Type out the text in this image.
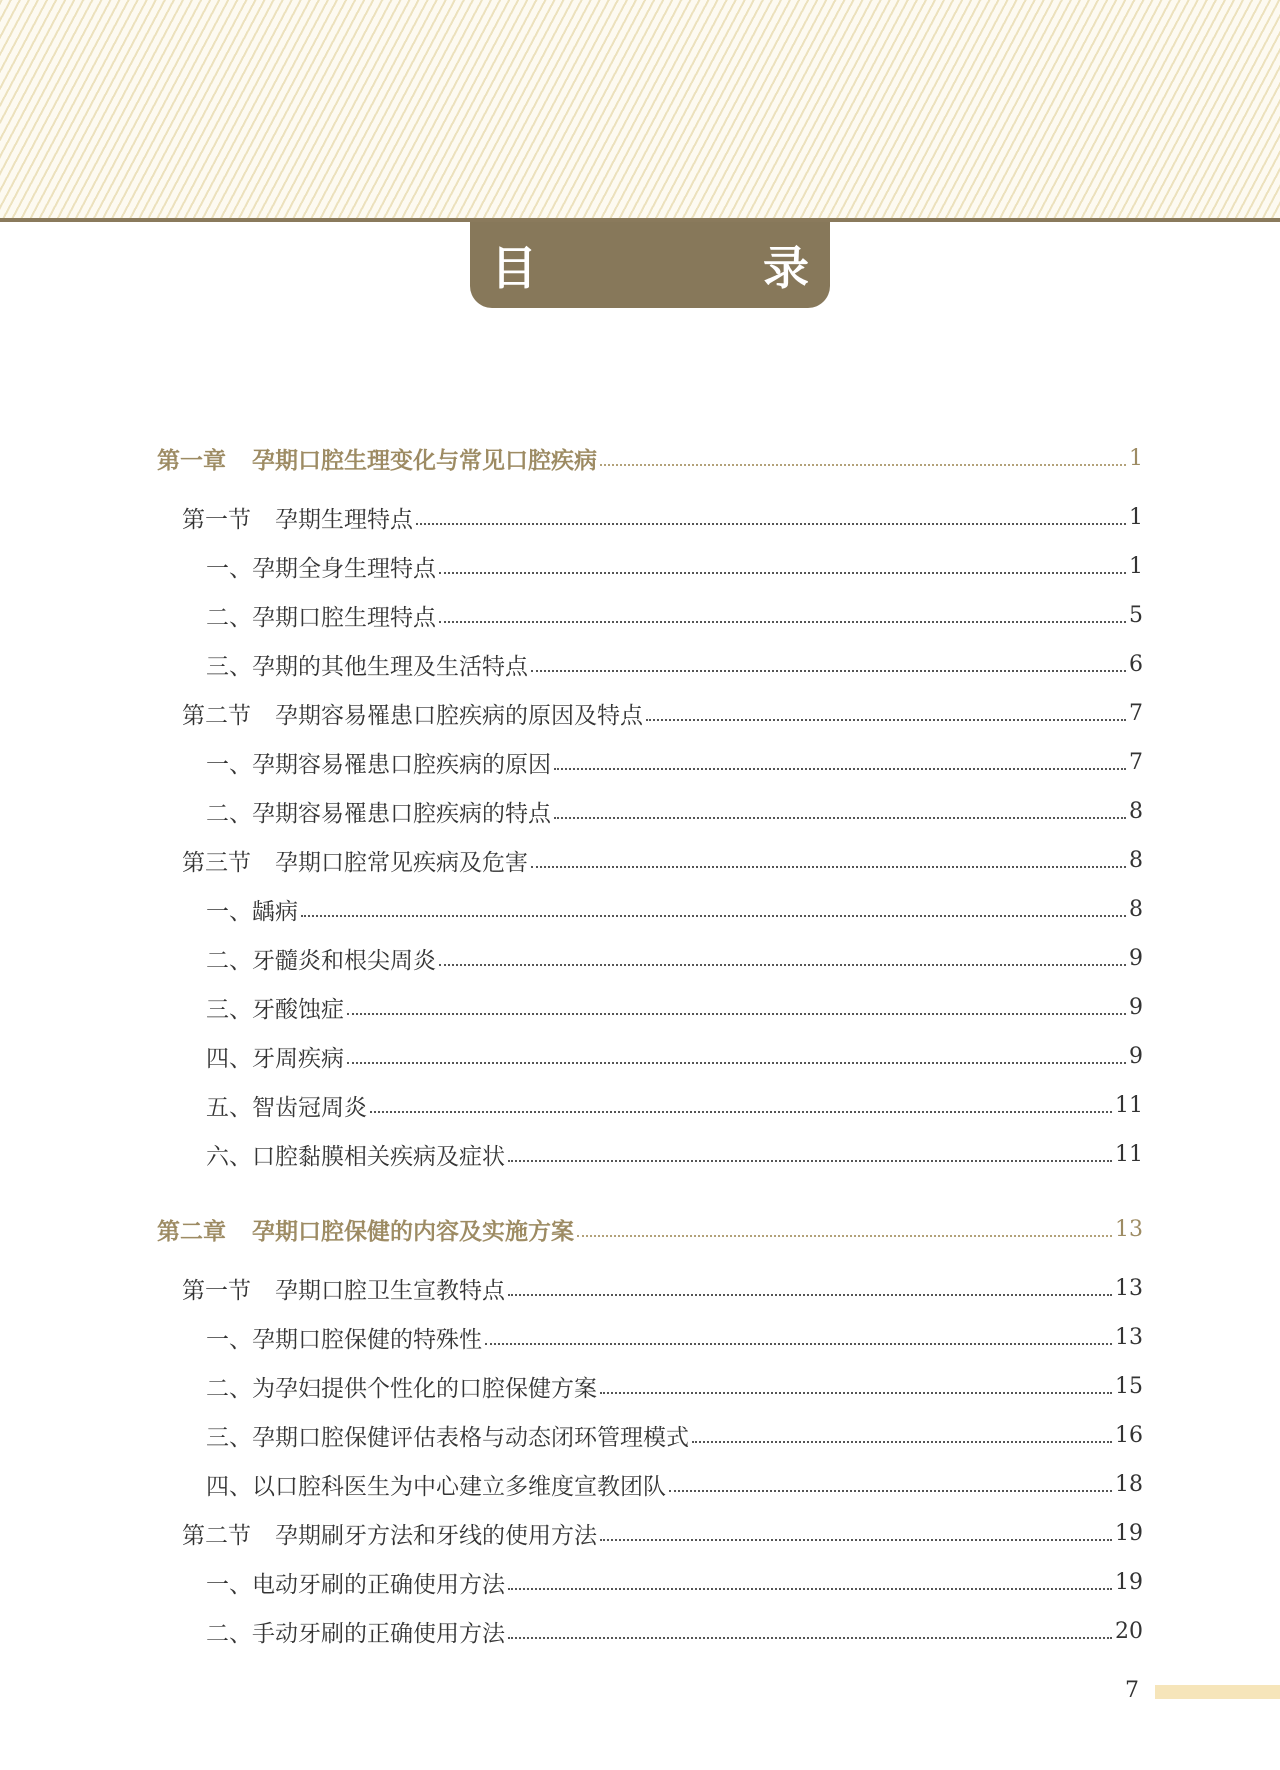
目　录
第一章 孕期口腔生理变化与常见口腔疾病	1
第一节 孕期生理特点	1
一、孕期全身生理特点	1
二、孕期口腔生理特点	5
三、孕期的其他生理及生活特点	6
第二节 孕期容易罹患口腔疾病的原因及特点	7
一、孕期容易罹患口腔疾病的原因	7
二、孕期容易罹患口腔疾病的特点	8
第三节 孕期口腔常见疾病及危害	8
一、龋病	8
二、牙髓炎和根尖周炎	9
三、牙酸蚀症	9
四、牙周疾病	9
五、智齿冠周炎	11
六、口腔黏膜相关疾病及症状	11
第二章 孕期口腔保健的内容及实施方案	13
第一节 孕期口腔卫生宣教特点	13
一、孕期口腔保健的特殊性	13
二、为孕妇提供个性化的口腔保健方案	15
三、孕期口腔保健评估表格与动态闭环管理模式	16
四、以口腔科医生为中心建立多维度宣教团队	18
第二节 孕期刷牙方法和牙线的使用方法	19
一、电动牙刷的正确使用方法	19
二、手动牙刷的正确使用方法	20
7
